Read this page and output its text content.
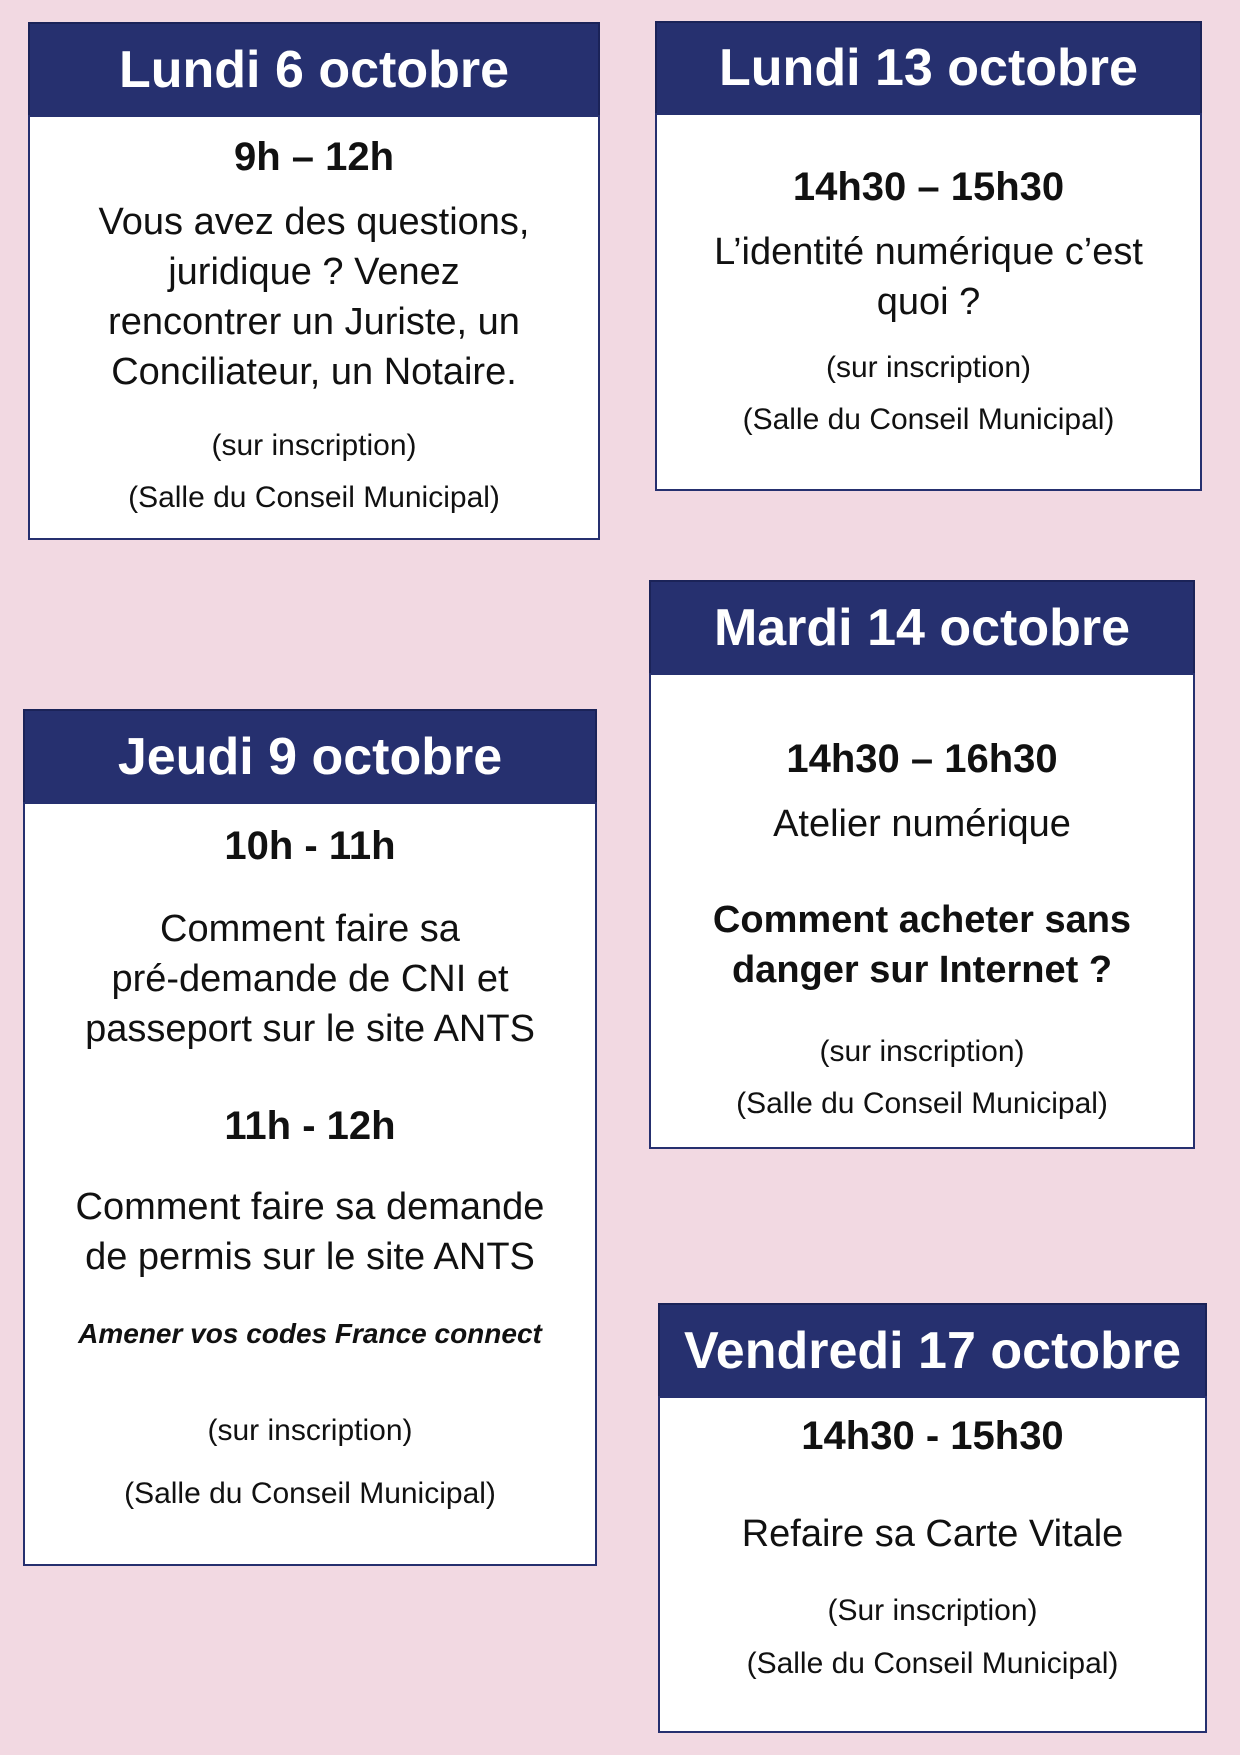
Lundi 6 octobre
9h – 12h
Vous avez des questions,
juridique ? Venez
rencontrer un Juriste, un
Conciliateur, un Notaire.
(sur inscription)
(Salle du Conseil Municipal)
Lundi 13 octobre
14h30 – 15h30
L’identité numérique c’est
quoi ?
(sur inscription)
(Salle du Conseil Municipal)
Mardi 14 octobre
14h30 – 16h30
Atelier numérique
Comment acheter sans
danger sur Internet ?
(sur inscription)
(Salle du Conseil Municipal)
Jeudi 9 octobre
10h - 11h
Comment faire sa
pré-demande de CNI et
passeport sur le site ANTS
11h - 12h
Comment faire sa demande
de permis sur le site ANTS
Amener vos codes France connect
(sur inscription)
(Salle du Conseil Municipal)
Vendredi 17 octobre
14h30 - 15h30
Refaire sa Carte Vitale
(Sur inscription)
(Salle du Conseil Municipal)
